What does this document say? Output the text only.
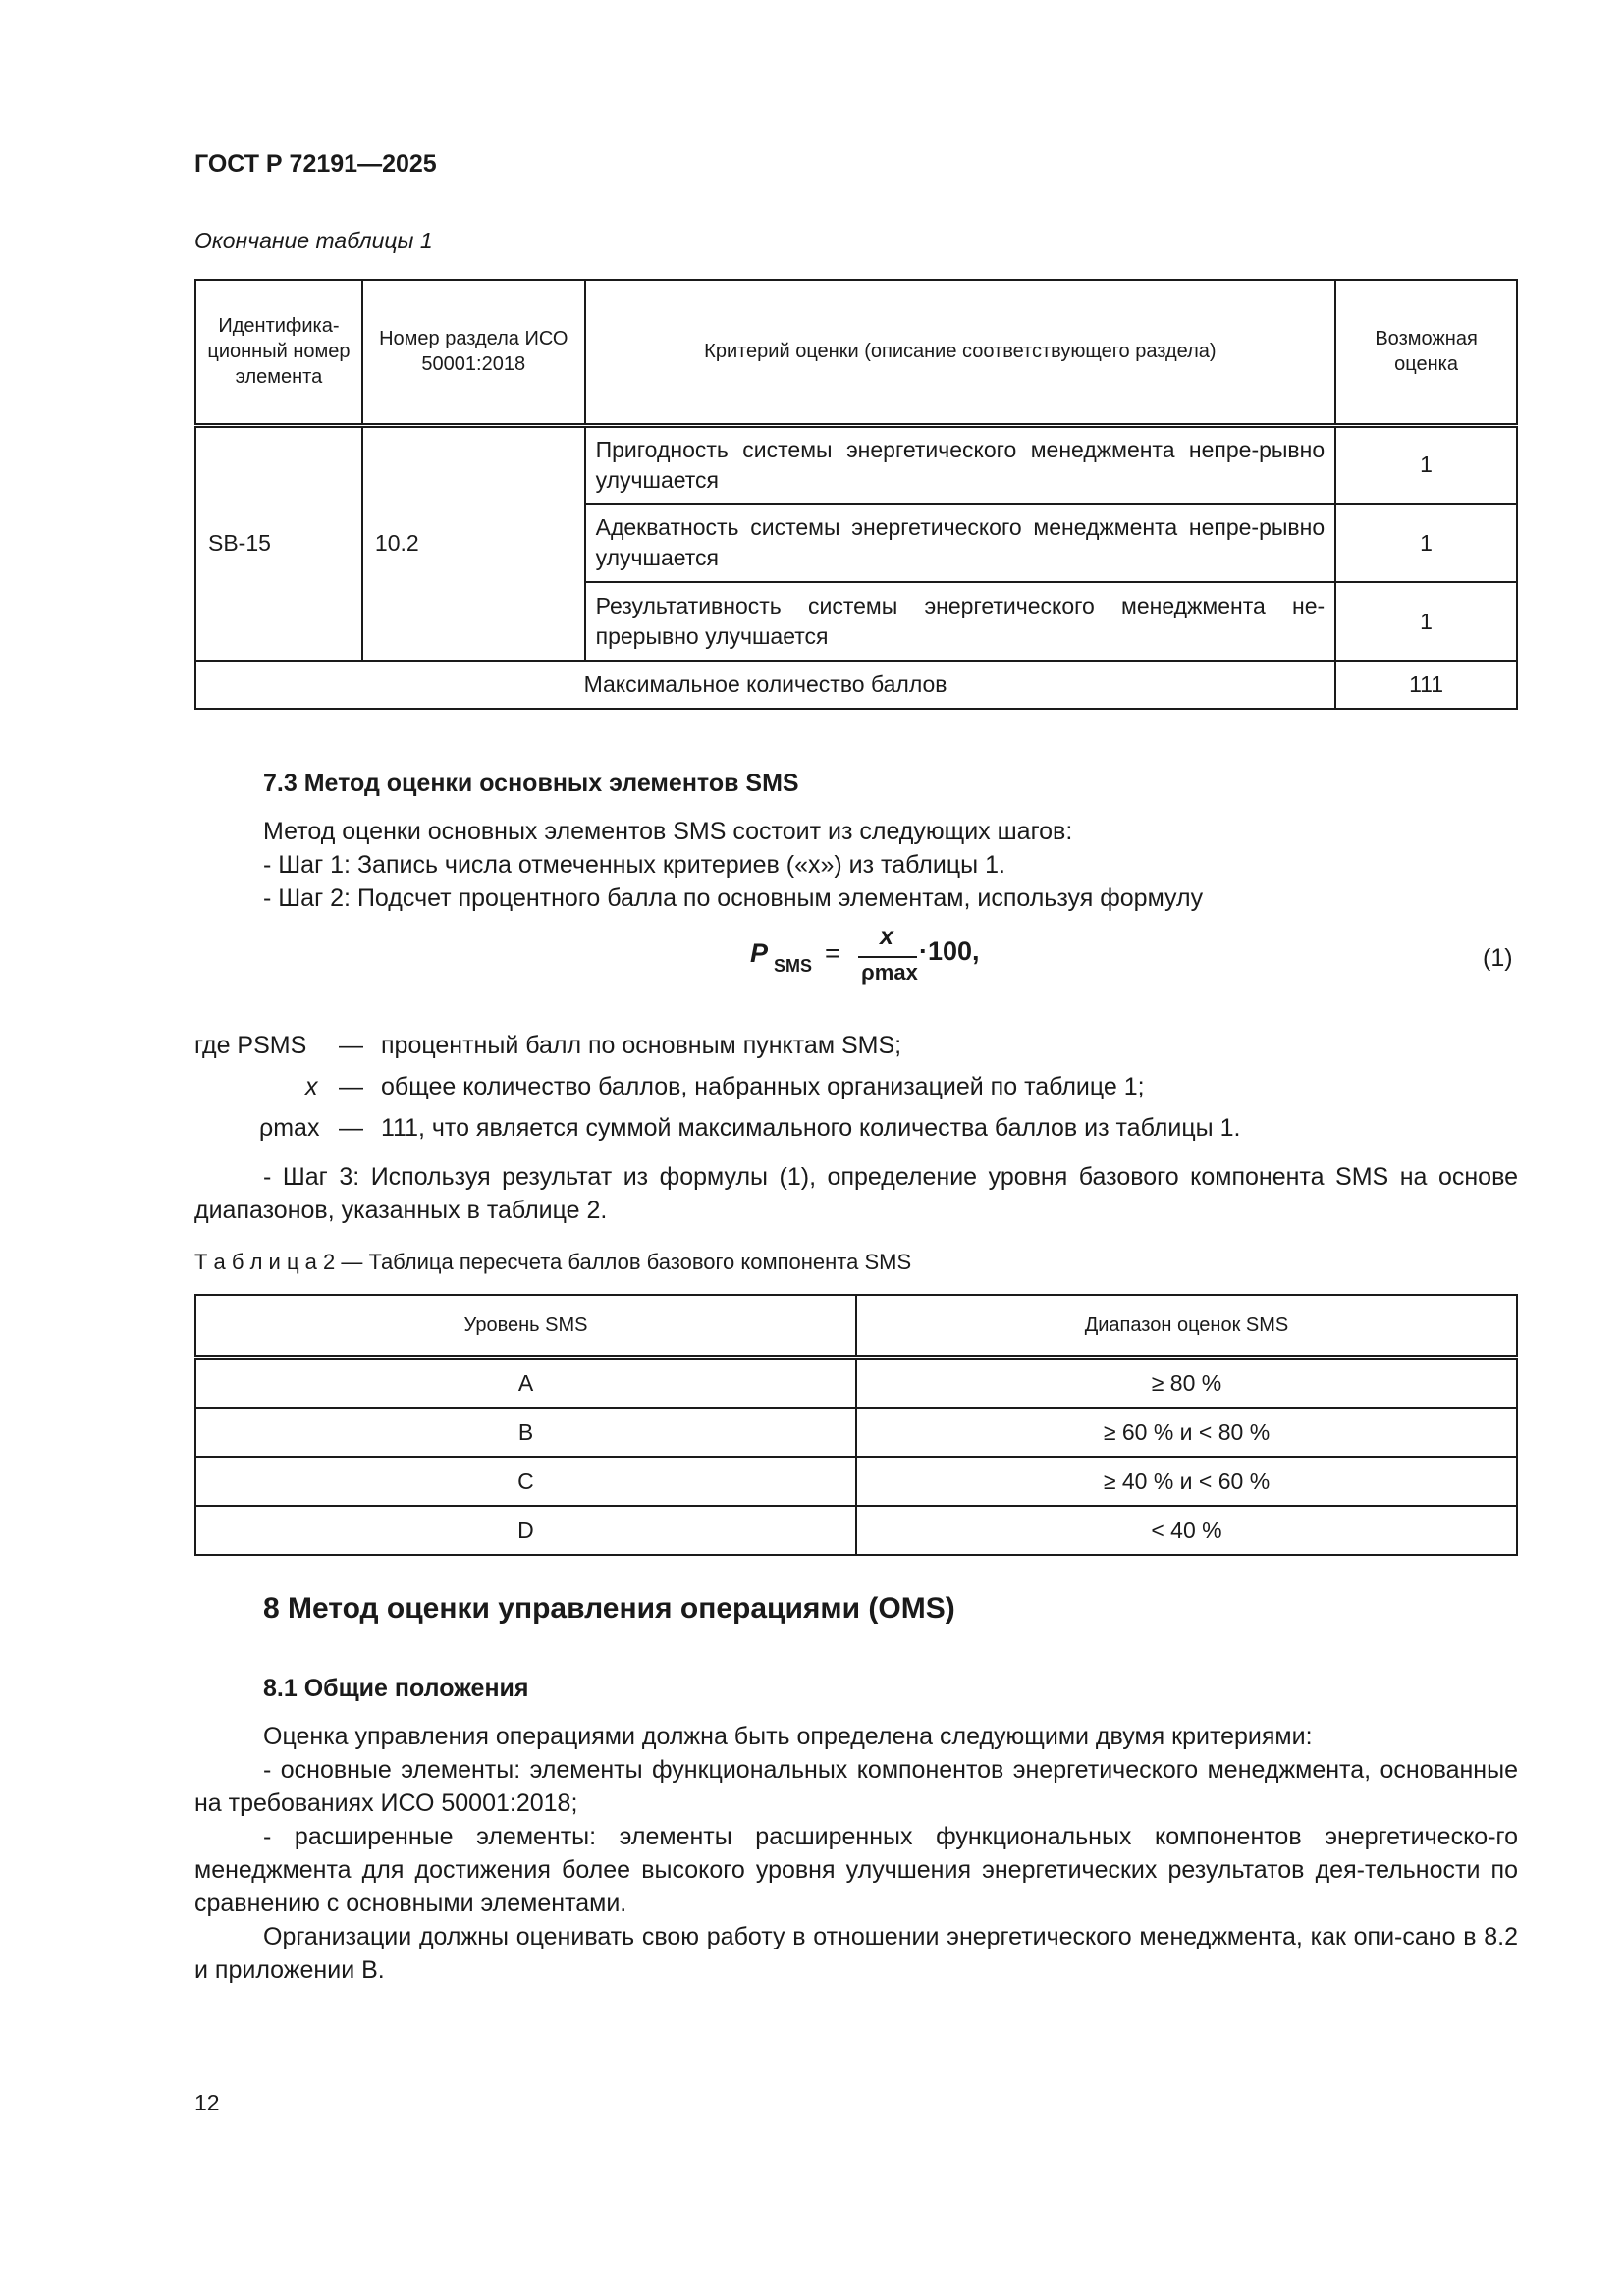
ГОСТ Р 72191—2025
Окончание таблицы 1
Идентифика-ционный номер элемента	Номер раздела ИСО 50001:2018	Критерий оценки (описание соответствующего раздела)	Возможная оценка
SB-15	10.2	Пригодность системы энергетического менеджмента непре-рывно улучшается	1
		Адекватность системы энергетического менеджмента непре-рывно улучшается	1
		Результативность системы энергетического менеджмента не-прерывно улучшается	1
Максимальное количество баллов			111
7.3 Метод оценки основных элементов SMS
Метод оценки основных элементов SMS состоит из следующих шагов:
- Шаг 1: Запись числа отмеченных критериев («x») из таблицы 1.
- Шаг 2: Подсчет процентного балла по основным элементам, используя формулу
P SMS =
x
ρmax
·100,	(1)
где PSMS — процентный балл по основным пунктам SMS;
x — общее количество баллов, набранных организацией по таблице 1;
ρmax — 111, что является суммой максимального количества баллов из таблицы 1.
- Шаг 3: Используя результат из формулы (1), определение уровня базового компонента SMS на основе диапазонов, указанных в таблице 2.
Т а б л и ц а 2 — Таблица пересчета баллов базового компонента SMS
Уровень SMS	Диапазон оценок SMS
A	≥ 80 %
B	≥ 60 % и < 80 %
C	≥ 40 % и < 60 %
D	< 40 %
8 Метод оценки управления операциями (OMS)
8.1 Общие положения
Оценка управления операциями должна быть определена следующими двумя критериями:
- основные элементы: элементы функциональных компонентов энергетического менеджмента, основанные на требованиях ИСО 50001:2018;
- расширенные элементы: элементы расширенных функциональных компонентов энергетическо-го менеджмента для достижения более высокого уровня улучшения энергетических результатов дея-тельности по сравнению с основными элементами.
Организации должны оценивать свою работу в отношении энергетического менеджмента, как опи-сано в 8.2 и приложении В.
12
